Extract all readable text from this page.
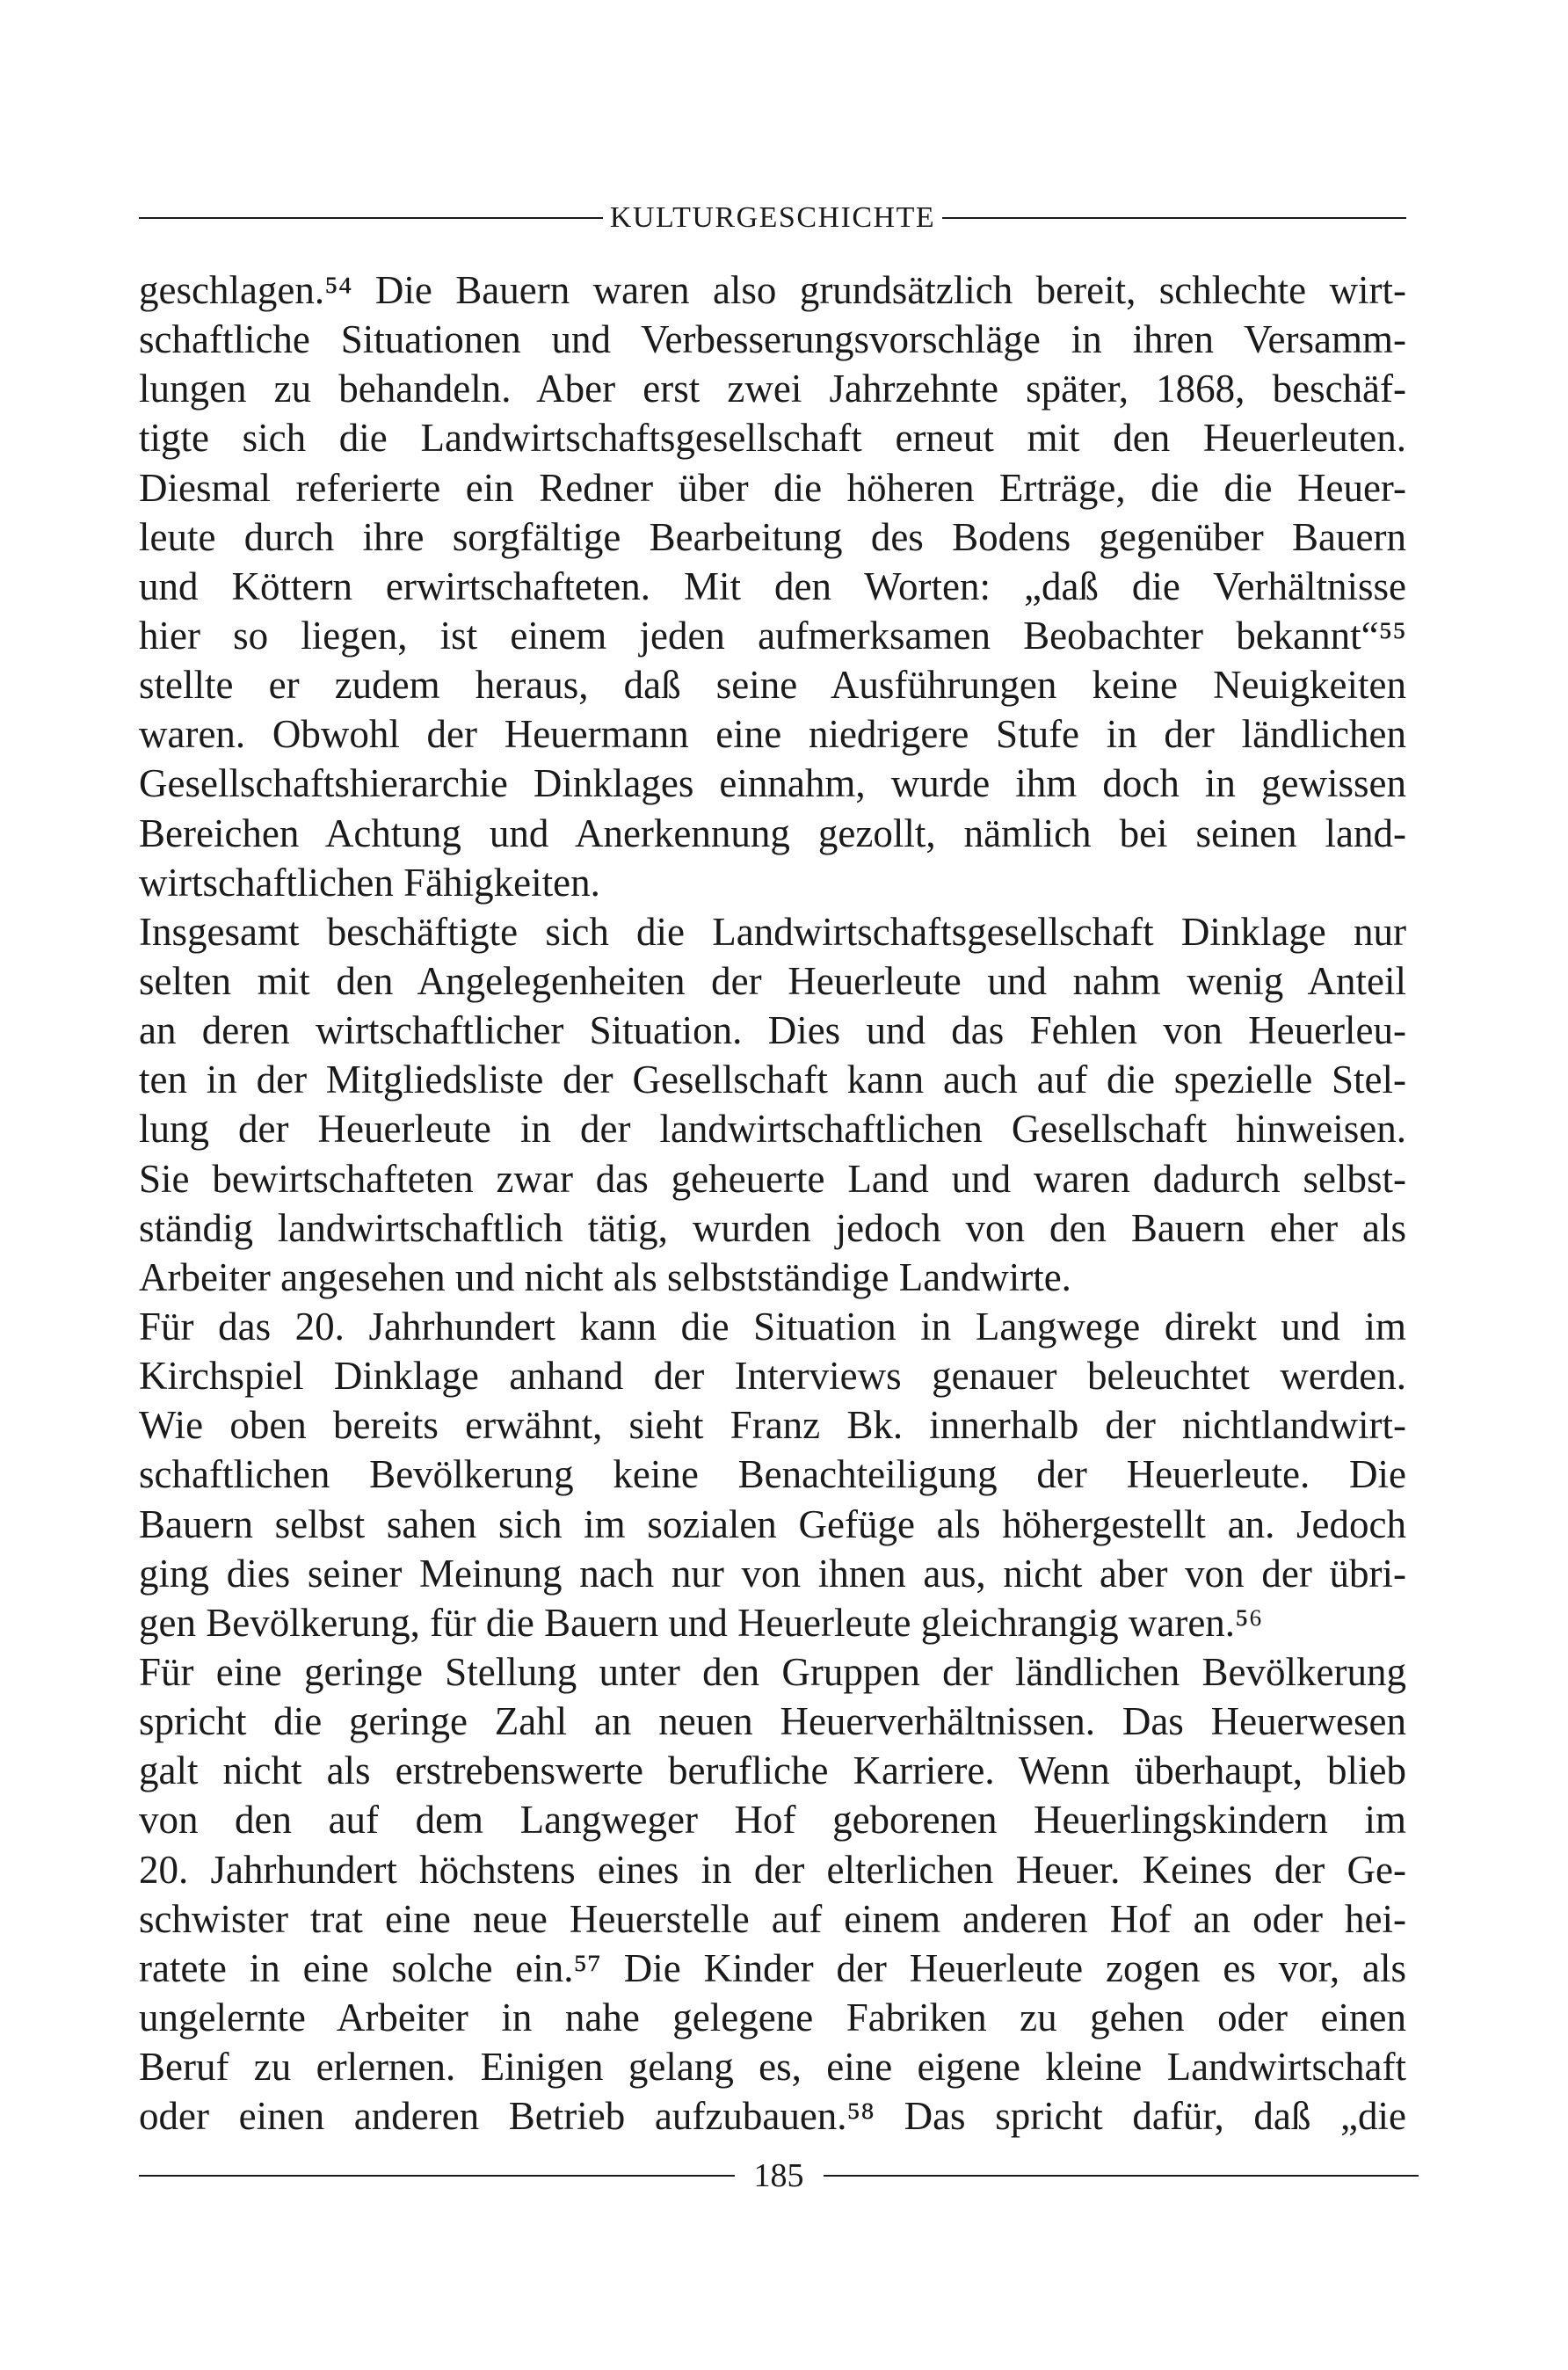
KULTURGESCHICHTE
geschlagen.⁵⁴ Die Bauern waren also grundsätzlich bereit, schlechte wirt-
schaftliche Situationen und Verbesserungsvorschläge in ihren Versamm-
lungen zu behandeln. Aber erst zwei Jahrzehnte später, 1868, beschäf-
tigte sich die Landwirtschaftsgesellschaft erneut mit den Heuerleuten.
Diesmal referierte ein Redner über die höheren Erträge, die die Heuer-
leute durch ihre sorgfältige Bearbeitung des Bodens gegenüber Bauern
und Köttern erwirtschafteten. Mit den Worten: „daß die Verhältnisse
hier so liegen, ist einem jeden aufmerksamen Beobachter bekannt“⁵⁵
stellte er zudem heraus, daß seine Ausführungen keine Neuigkeiten
waren. Obwohl der Heuermann eine niedrigere Stufe in der ländlichen
Gesellschaftshierarchie Dinklages einnahm, wurde ihm doch in gewissen
Bereichen Achtung und Anerkennung gezollt, nämlich bei seinen land-
wirtschaftlichen Fähigkeiten.
Insgesamt beschäftigte sich die Landwirtschaftsgesellschaft Dinklage nur
selten mit den Angelegenheiten der Heuerleute und nahm wenig Anteil
an deren wirtschaftlicher Situation. Dies und das Fehlen von Heuerleu-
ten in der Mitgliedsliste der Gesellschaft kann auch auf die spezielle Stel-
lung der Heuerleute in der landwirtschaftlichen Gesellschaft hinweisen.
Sie bewirtschafteten zwar das geheuerte Land und waren dadurch selbst-
ständig landwirtschaftlich tätig, wurden jedoch von den Bauern eher als
Arbeiter angesehen und nicht als selbstständige Landwirte.
Für das 20. Jahrhundert kann die Situation in Langwege direkt und im
Kirchspiel Dinklage anhand der Interviews genauer beleuchtet werden.
Wie oben bereits erwähnt, sieht Franz Bk. innerhalb der nichtlandwirt-
schaftlichen Bevölkerung keine Benachteiligung der Heuerleute. Die
Bauern selbst sahen sich im sozialen Gefüge als höhergestellt an. Jedoch
ging dies seiner Meinung nach nur von ihnen aus, nicht aber von der übri-
gen Bevölkerung, für die Bauern und Heuerleute gleichrangig waren.⁵⁶
Für eine geringe Stellung unter den Gruppen der ländlichen Bevölkerung
spricht die geringe Zahl an neuen Heuerverhältnissen. Das Heuerwesen
galt nicht als erstrebenswerte berufliche Karriere. Wenn überhaupt, blieb
von den auf dem Langweger Hof geborenen Heuerlingskindern im
20. Jahrhundert höchstens eines in der elterlichen Heuer. Keines der Ge-
schwister trat eine neue Heuerstelle auf einem anderen Hof an oder hei-
ratete in eine solche ein.⁵⁷ Die Kinder der Heuerleute zogen es vor, als
ungelernte Arbeiter in nahe gelegene Fabriken zu gehen oder einen
Beruf zu erlernen. Einigen gelang es, eine eigene kleine Landwirtschaft
oder einen anderen Betrieb aufzubauen.⁵⁸ Das spricht dafür, daß „die
185
